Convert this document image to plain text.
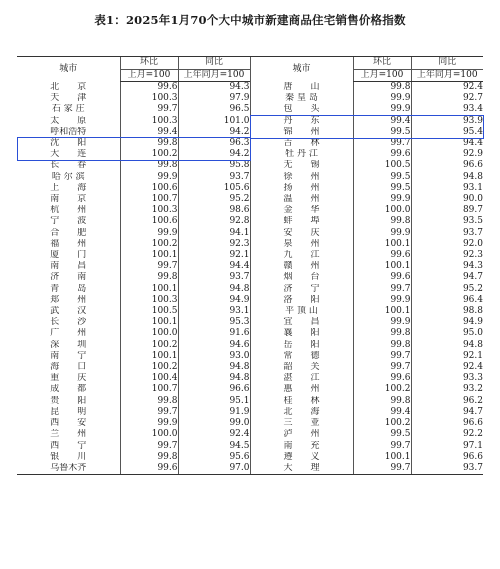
表1：2025年1月70个大中城市新建商品住宅销售价格指数
城市	环比	同比	城市	环比	同比
	上月=100	上年同月=100		上月=100	上年同月=100
北　　京	99.6	94.3	唐　　山	99.8	92.4
天　　津	100.3	97.9	秦 皇 岛	99.9	92.7
石 家 庄	99.7	96.5	包　　头	99.9	93.4
太　　原	100.3	101.0	丹　　东	99.4	93.9
呼和浩特	99.4	94.2	锦　　州	99.5	95.4
沈　　阳	99.8	96.3	吉　　林	99.7	94.4
大　　连	100.2	94.2	牡 丹 江	99.6	92.9
长　　春	99.8	95.8	无　　锡	100.5	96.6
哈 尔 滨	99.9	93.7	徐　　州	99.5	94.8
上　　海	100.6	105.6	扬　　州	99.5	93.1
南　　京	100.7	95.2	温　　州	99.9	90.0
杭　　州	100.3	98.6	金　　华	100.0	89.7
宁　　波	100.6	92.8	蚌　　埠	99.8	93.5
合　　肥	99.9	94.1	安　　庆	99.9	93.7
福　　州	100.2	92.3	泉　　州	100.1	92.0
厦　　门	100.1	92.1	九　　江	99.6	92.3
南　　昌	99.7	94.4	赣　　州	100.1	94.3
济　　南	99.8	93.7	烟　　台	99.6	94.7
青　　岛	100.1	94.8	济　　宁	99.7	95.2
郑　　州	100.3	94.9	洛　　阳	99.9	96.4
武　　汉	100.5	93.1	平 顶 山	100.1	98.8
长　　沙	100.1	95.3	宜　　昌	99.9	94.9
广　　州	100.0	91.6	襄　　阳	99.8	95.0
深　　圳	100.2	94.6	岳　　阳	99.8	94.8
南　　宁	100.1	93.0	常　　德	99.7	92.1
海　　口	100.2	94.8	韶　　关	99.7	92.4
重　　庆	100.4	94.8	湛　　江	99.6	93.3
成　　都	100.7	96.6	惠　　州	100.2	93.2
贵　　阳	99.8	95.1	桂　　林	99.8	96.2
昆　　明	99.7	91.9	北　　海	99.4	94.7
西　　安	99.9	99.0	三　　亚	100.2	96.6
兰　　州	100.0	92.4	泸　　州	99.5	92.2
西　　宁	99.7	94.5	南　　充	99.7	97.1
银　　川	99.8	95.6	遵　　义	100.1	96.6
乌鲁木齐	99.6	97.0	大　　理	99.7	93.7
